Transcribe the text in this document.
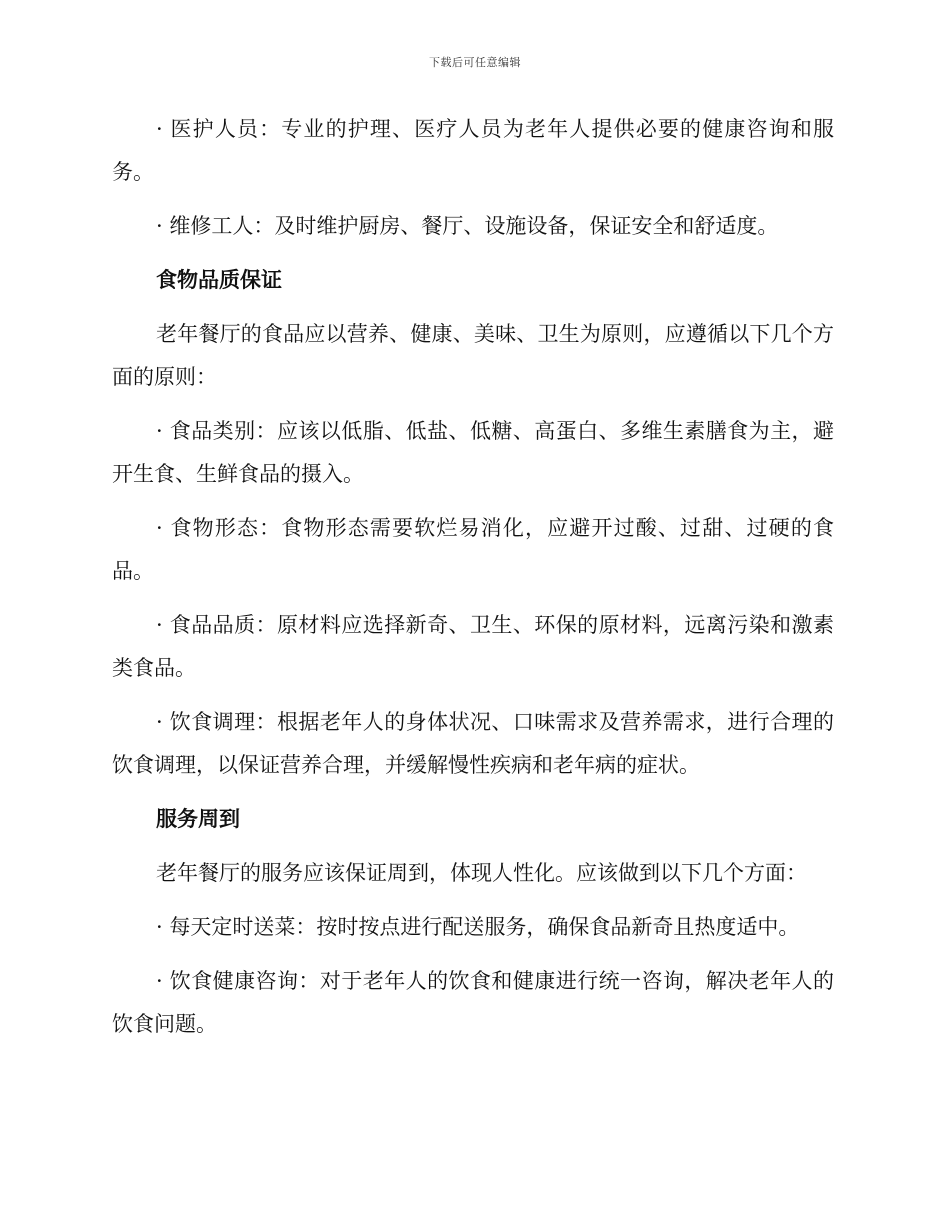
下载后可任意编辑
· 医护人员：专业的护理、医疗人员为老年人提供必要的健康咨询和服务。
· 维修工人：及时维护厨房、餐厅、设施设备，保证安全和舒适度。
食物品质保证
老年餐厅的食品应以营养、健康、美味、卫生为原则，应遵循以下几个方面的原则：
· 食品类别：应该以低脂、低盐、低糖、高蛋白、多维生素膳食为主，避开生食、生鲜食品的摄入。
· 食物形态：食物形态需要软烂易消化，应避开过酸、过甜、过硬的食品。
· 食品品质：原材料应选择新奇、卫生、环保的原材料，远离污染和激素类食品。
· 饮食调理：根据老年人的身体状况、口味需求及营养需求，进行合理的饮食调理，以保证营养合理，并缓解慢性疾病和老年病的症状。
服务周到
老年餐厅的服务应该保证周到，体现人性化。应该做到以下几个方面：
· 每天定时送菜：按时按点进行配送服务，确保食品新奇且热度适中。
· 饮食健康咨询：对于老年人的饮食和健康进行统一咨询，解决老年人的饮食问题。
